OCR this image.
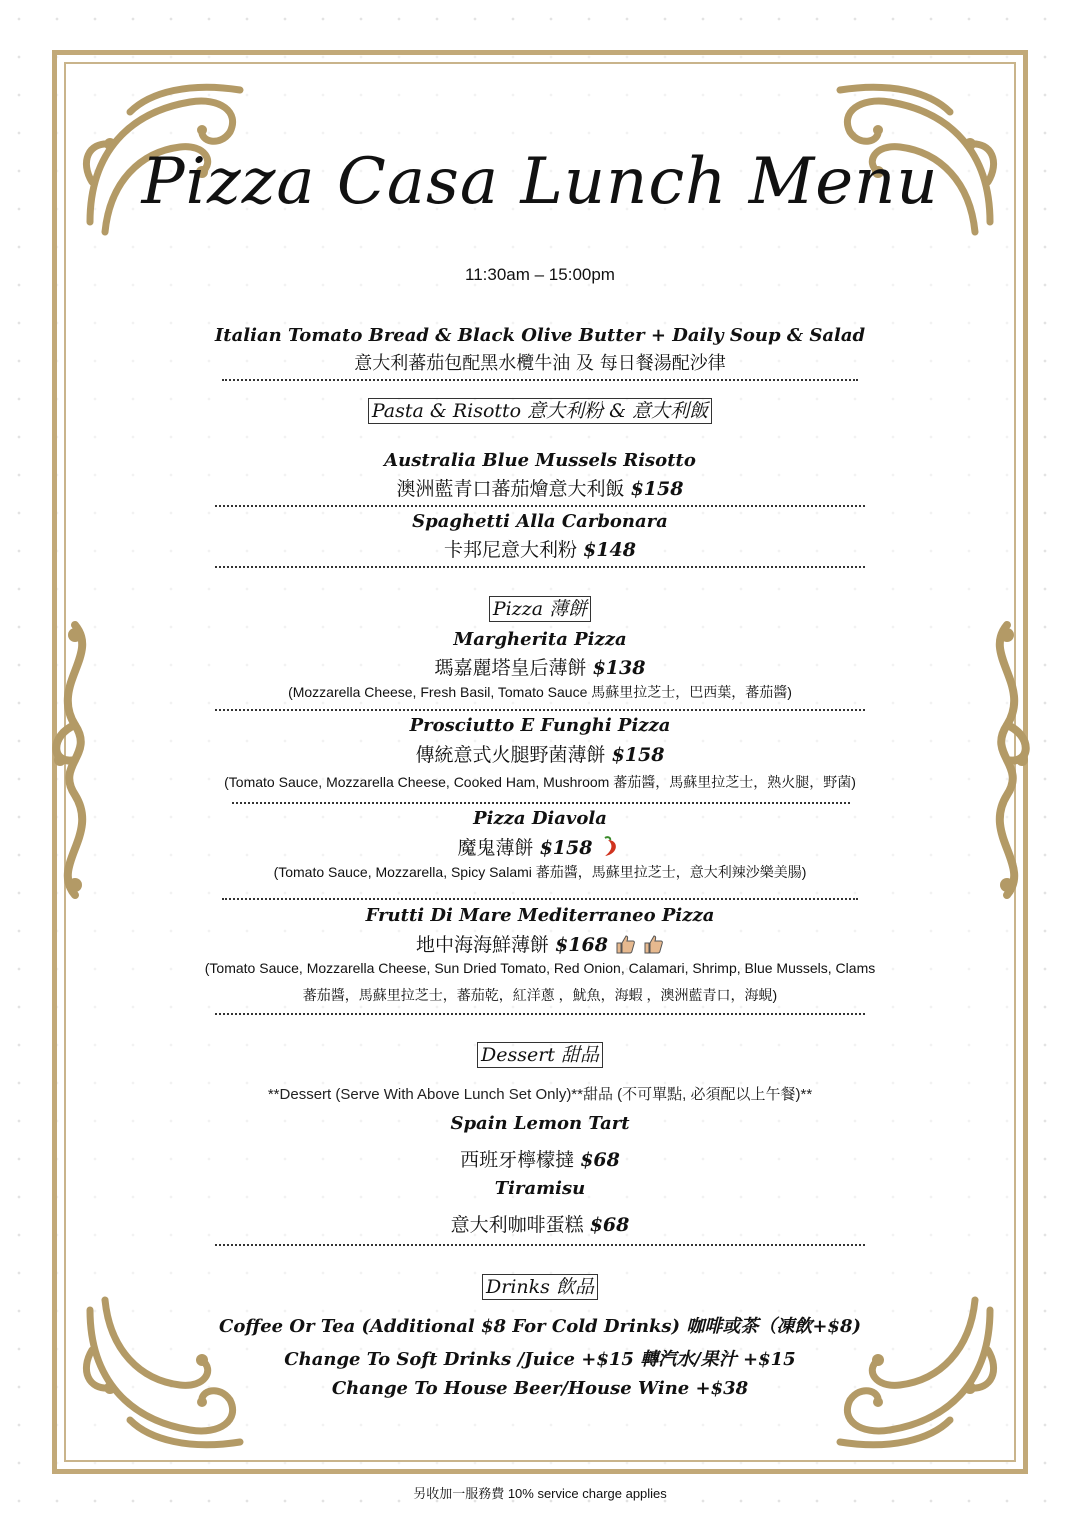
Pizza Casa Lunch Menu
11:30am – 15:00pm
Italian Tomato Bread & Black Olive Butter + Daily Soup & Salad
意大利蕃茄包配黑水欖牛油 及 每日餐湯配沙律
Pasta & Risotto 意大利粉 & 意大利飯
Australia Blue Mussels Risotto
澳洲藍青口蕃茄燴意大利飯 $158
Spaghetti Alla Carbonara
卡邦尼意大利粉 $148
Pizza 薄餅
Margherita Pizza
瑪嘉麗塔皇后薄餅 $138
(Mozzarella Cheese, Fresh Basil, Tomato Sauce 馬蘇里拉芝士，巴西葉，蕃茄醬)
Prosciutto E Funghi Pizza
傳統意式火腿野菌薄餅 $158
(Tomato Sauce, Mozzarella Cheese, Cooked Ham, Mushroom 蕃茄醬，馬蘇里拉芝士，熟火腿，野菌)
Pizza Diavola
魔鬼薄餅 $158
(Tomato Sauce, Mozzarella, Spicy Salami 蕃茄醬，馬蘇里拉芝士，意大利辣沙樂美腸)
Frutti Di Mare Mediterraneo Pizza
地中海海鮮薄餅 $168
(Tomato Sauce, Mozzarella Cheese, Sun Dried Tomato, Red Onion, Calamari, Shrimp, Blue Mussels, Clams
蕃茄醬，馬蘇里拉芝士，蕃茄乾，紅洋蔥 ，魷魚，海蝦 ，澳洲藍青口，海蜆)
Dessert 甜品
**Dessert (Serve With Above Lunch Set Only)**甜品 (不可單點, 必須配以上午餐)**
Spain Lemon Tart
西班牙檸檬撻 $68
Tiramisu
意大利咖啡蛋糕 $68
Drinks 飲品
Coffee Or Tea (Additional $8 For Cold Drinks) 咖啡或茶（凍飲+$8)
Change To Soft Drinks /Juice +$15 轉汽水/果汁 +$15
Change To House Beer/House Wine +$38
另收加一服務費 10% service charge applies
